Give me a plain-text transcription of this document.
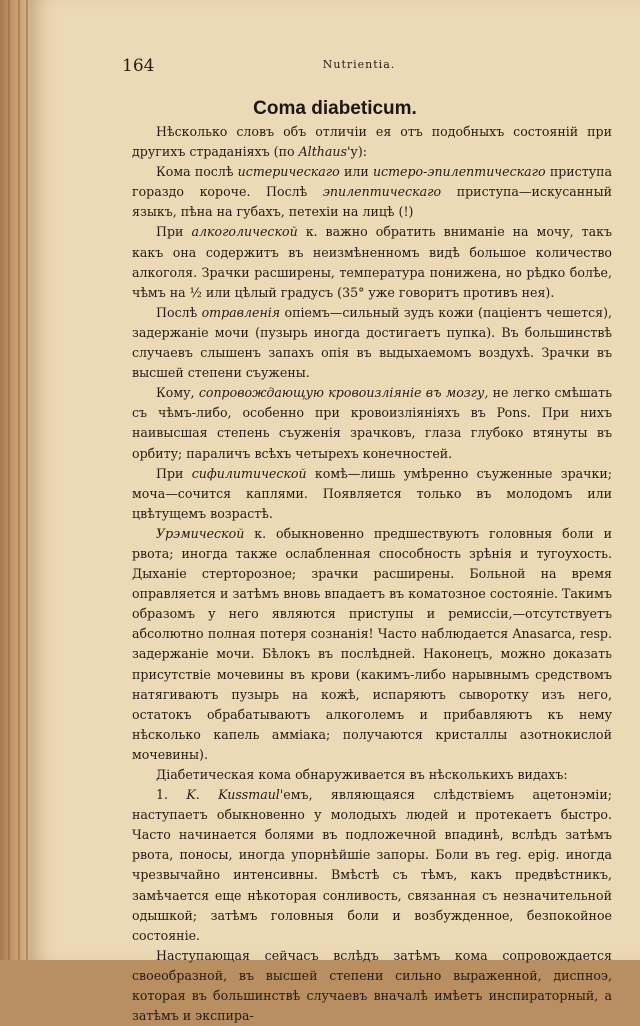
164	Nutrientia.
Coma diabeticum.

Нѣсколько словъ объ отличіи ея отъ подобныхъ состояній при другихъ страданіяхъ (по Althaus'у):

Кома послѣ истерическаго или истеро-эпилептическаго приступа гораздо короче. Послѣ эпилептическаго приступа—искусанный языкъ, пѣна на губахъ, петехіи на лицѣ (!)

При алкоголической к. важно обратить вниманіе на мочу, такъ какъ она содержитъ въ неизмѣненномъ видѣ большое количество алкоголя. Зрачки расширены, температура понижена, но рѣдко болѣе, чѣмъ на ½ или цѣлый градусъ (35° уже говоритъ противъ нея).

Послѣ отравленія опіемъ—сильный зудъ кожи (паціентъ чешется), задержаніе мочи (пузырь иногда достигаетъ пупка). Въ большинствѣ случаевъ слышенъ запахъ опія въ выдыхаемомъ воздухѣ. Зрачки въ высшей степени съужены.

Кому, сопровождающую кровоизліяніе въ мозгу, не легко смѣшать съ чѣмъ-либо, особенно при кровоизліяніяхъ въ Pons. При нихъ наивысшая степень съуженія зрачковъ, глаза глубоко втянуты въ орбиту; параличъ всѣхъ четырехъ конечностей.

При сифилитической комѣ—лишь умѣренно съуженные зрачки; моча—сочится каплями. Появляется только въ молодомъ или цвѣтущемъ возрастѣ.

Урэмической к. обыкновенно предшествуютъ головныя боли и рвота; иногда также ослабленная способность зрѣнія и тугоухость. Дыханіе стерторозное; зрачки расширены. Больной на время оправляется и затѣмъ вновь впадаетъ въ коматозное состояніе. Такимъ образомъ у него являются приступы и ремиссіи,—отсутствуетъ абсолютно полная потеря сознанія! Часто наблюдается Anasarca, resp. задержаніе мочи. Бѣлокъ въ послѣдней. Наконецъ, можно доказать присутствіе мочевины въ крови (какимъ-либо нарывнымъ средствомъ натягиваютъ пузырь на кожѣ, испаряютъ сыворотку изъ него, остатокъ обрабатываютъ алкоголемъ и прибавляютъ къ нему нѣсколько капель амміака; получаются кристаллы азотнокислой мочевины).

Діабетическая кома обнаруживается въ нѣсколькихъ видахъ:

1. K. Kussmaul'емъ, являющаяся слѣдствіемъ ацетонэміи; наступаетъ обыкновенно у молодыхъ людей и протекаетъ быстро. Часто начинается болями въ подложечной впадинѣ, вслѣдъ затѣмъ рвота, поносы, иногда упорнѣйшіе запоры. Боли въ reg. epig. иногда чрезвычайно интенсивны. Вмѣстѣ съ тѣмъ, какъ предвѣстникъ, замѣчается еще нѣкоторая сонливость, связанная съ незначительной одышкой; затѣмъ головныя боли и возбужденное, безпокойное состояніе.

Наступающая сейчасъ вслѣдъ затѣмъ кома сопровождается своеобразной, въ высшей степени сильно выраженной, диспноэ, которая въ большинствѣ случаевъ вначалѣ имѣетъ инспираторный, а затѣмъ и экспира-
